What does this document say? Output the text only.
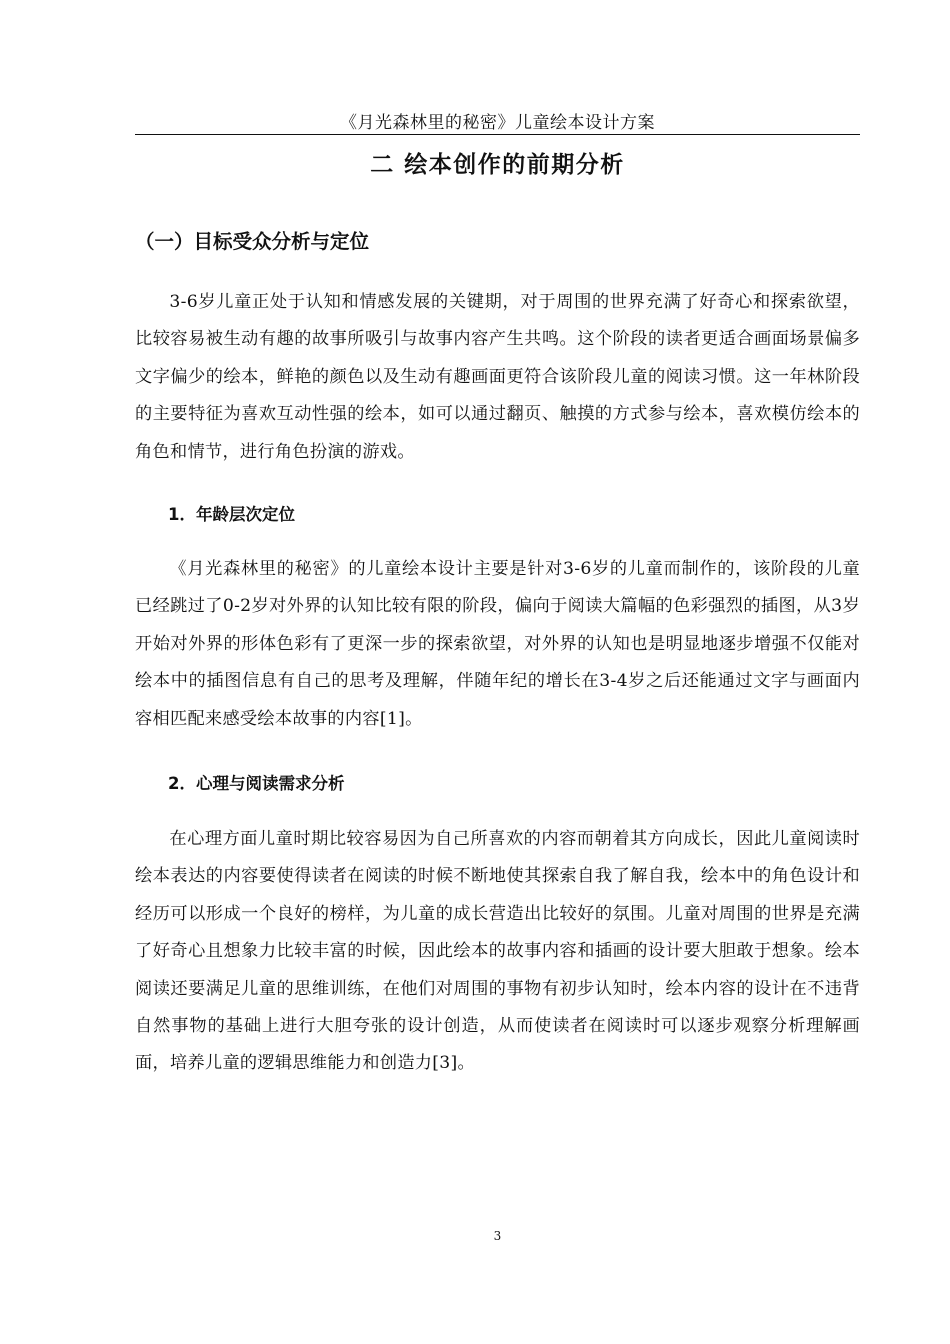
《月光森林里的秘密》儿童绘本设计方案
二 绘本创作的前期分析
（一）目标受众分析与定位

3-6岁儿童正处于认知和情感发展的关键期，对于周围的世界充满了好奇心和探索欲望，比较容易被生动有趣的故事所吸引与故事内容产生共鸣。这个阶段的读者更适合画面场景偏多文字偏少的绘本，鲜艳的颜色以及生动有趣画面更符合该阶段儿童的阅读习惯。这一年林阶段的主要特征为喜欢互动性强的绘本，如可以通过翻页、触摸的方式参与绘本，喜欢模仿绘本的角色和情节，进行角色扮演的游戏。

1．年龄层次定位

《月光森林里的秘密》的儿童绘本设计主要是针对3-6岁的儿童而制作的，该阶段的儿童已经跳过了0-2岁对外界的认知比较有限的阶段，偏向于阅读大篇幅的色彩强烈的插图，从3岁开始对外界的形体色彩有了更深一步的探索欲望，对外界的认知也是明显地逐步增强不仅能对绘本中的插图信息有自己的思考及理解，伴随年纪的增长在3-4岁之后还能通过文字与画面内容相匹配来感受绘本故事的内容[1]。

2．心理与阅读需求分析

在心理方面儿童时期比较容易因为自己所喜欢的内容而朝着其方向成长，因此儿童阅读时绘本表达的内容要使得读者在阅读的时候不断地使其探索自我了解自我，绘本中的角色设计和经历可以形成一个良好的榜样，为儿童的成长营造出比较好的氛围。儿童对周围的世界是充满了好奇心且想象力比较丰富的时候，因此绘本的故事内容和插画的设计要大胆敢于想象。绘本阅读还要满足儿童的思维训练，在他们对周围的事物有初步认知时，绘本内容的设计在不违背自然事物的基础上进行大胆夸张的设计创造，从而使读者在阅读时可以逐步观察分析理解画面，培养儿童的逻辑思维能力和创造力[3]。

3
